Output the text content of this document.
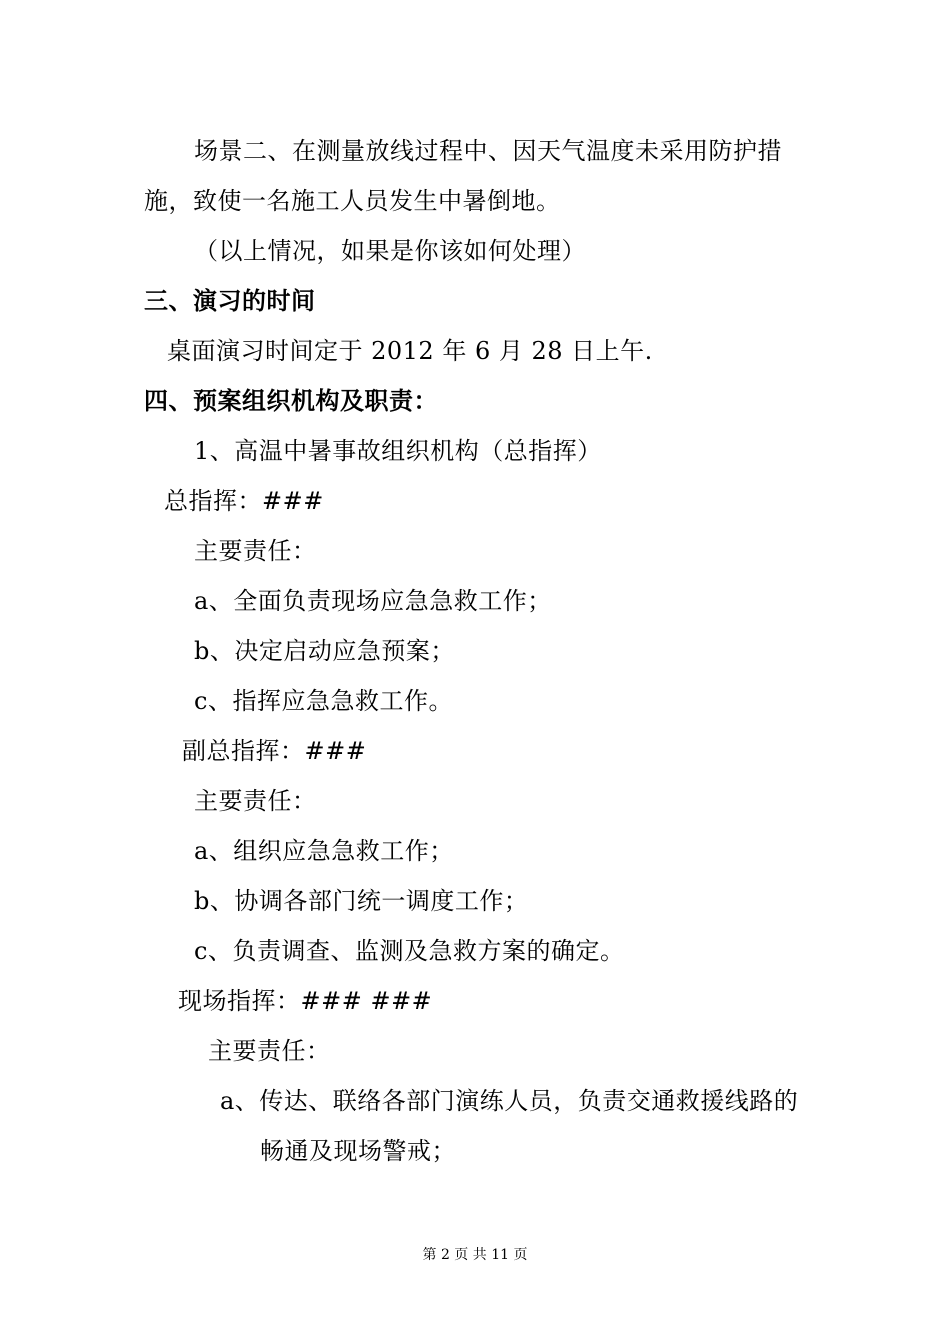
场景二、在测量放线过程中、因天气温度未采用防护措
施，致使一名施工人员发生中暑倒地。
（以上情况，如果是你该如何处理）
三、演习的时间
桌面演习时间定于 2012 年 6 月 28 日上午.
四、预案组织机构及职责：
1、高温中暑事故组织机构（总指挥）
总指挥：###
主要责任：
a、全面负责现场应急急救工作；
b、决定启动应急预案；
c、指挥应急急救工作。
副总指挥：###
主要责任：
a、组织应急急救工作；
b、协调各部门统一调度工作；
c、负责调查、监测及急救方案的确定。
现场指挥：### ###
主要责任：
a、传达、联络各部门演练人员，负责交通救援线路的
畅通及现场警戒；
第 2 页 共 11 页
